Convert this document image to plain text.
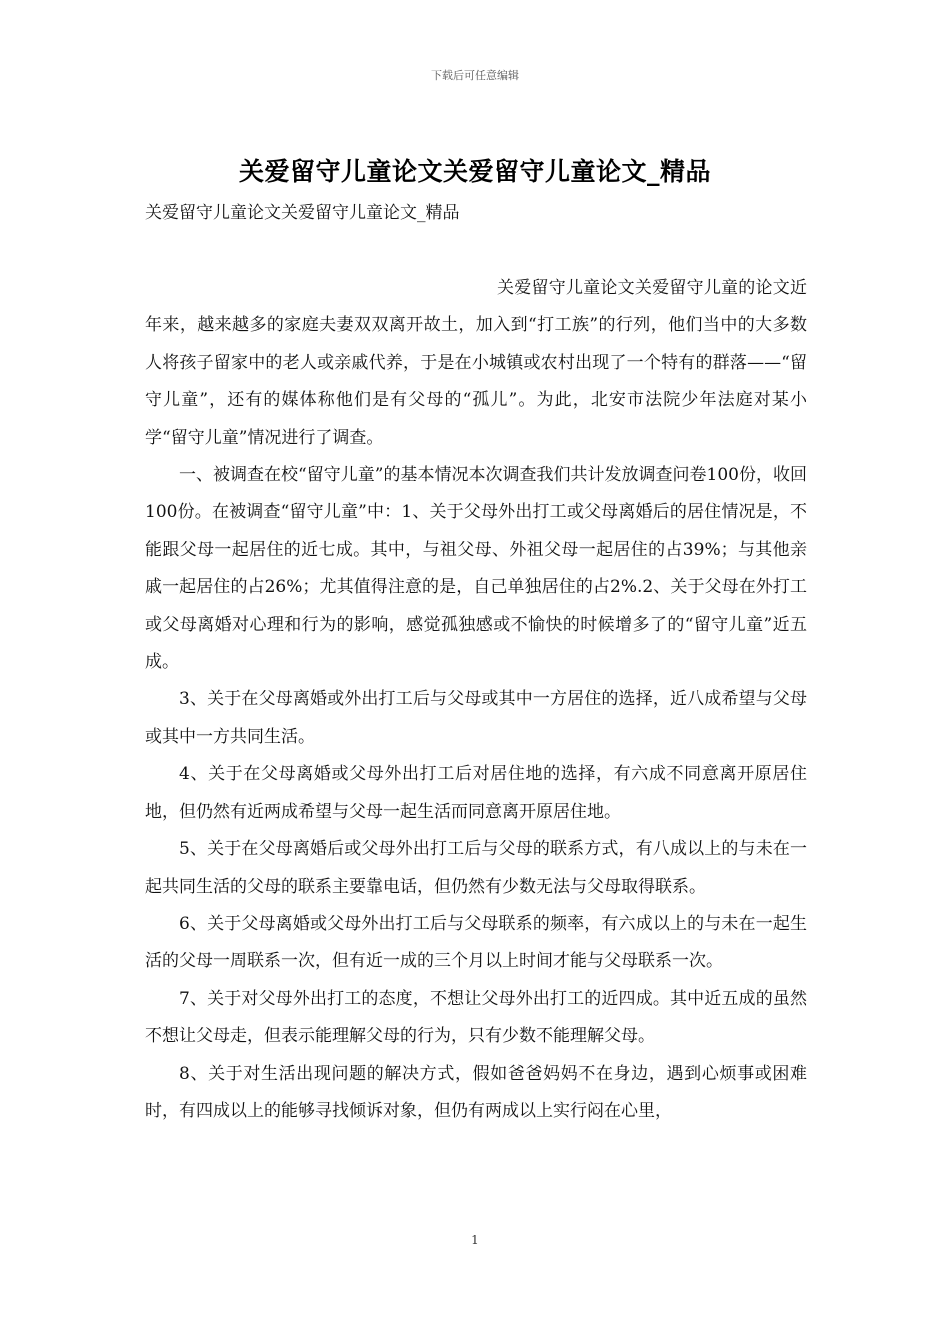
下载后可任意编辑
关爱留守儿童论文关爱留守儿童论文_精品
关爱留守儿童论文关爱留守儿童论文_精品

关爱留守儿童论文关爱留守儿童的论文近年来，越来越多的家庭夫妻双双离开故土，加入到“打工族”的行列，他们当中的大多数人将孩子留家中的老人或亲戚代养，于是在小城镇或农村出现了一个特有的群落——“留守儿童”，还有的媒体称他们是有父母的“孤儿”。为此，北安市法院少年法庭对某小学“留守儿童”情况进行了调查。

一、被调查在校“留守儿童”的基本情况本次调查我们共计发放调查问卷100份，收回100份。在被调查“留守儿童”中：1、关于父母外出打工或父母离婚后的居住情况是，不能跟父母一起居住的近七成。其中，与祖父母、外祖父母一起居住的占39%；与其他亲戚一起居住的占26%；尤其值得注意的是，自己单独居住的占2%.2、关于父母在外打工或父母离婚对心理和行为的影响，感觉孤独感或不愉快的时候增多了的“留守儿童”近五成。

3、关于在父母离婚或外出打工后与父母或其中一方居住的选择，近八成希望与父母或其中一方共同生活。

4、关于在父母离婚或父母外出打工后对居住地的选择，有六成不同意离开原居住地，但仍然有近两成希望与父母一起生活而同意离开原居住地。

5、关于在父母离婚后或父母外出打工后与父母的联系方式，有八成以上的与未在一起共同生活的父母的联系主要靠电话，但仍然有少数无法与父母取得联系。

6、关于父母离婚或父母外出打工后与父母联系的频率，有六成以上的与未在一起生活的父母一周联系一次，但有近一成的三个月以上时间才能与父母联系一次。

7、关于对父母外出打工的态度，不想让父母外出打工的近四成。其中近五成的虽然不想让父母走，但表示能理解父母的行为，只有少数不能理解父母。

8、关于对生活出现问题的解决方式，假如爸爸妈妈不在身边，遇到心烦事或困难时，有四成以上的能够寻找倾诉对象，但仍有两成以上实行闷在心里，

1
